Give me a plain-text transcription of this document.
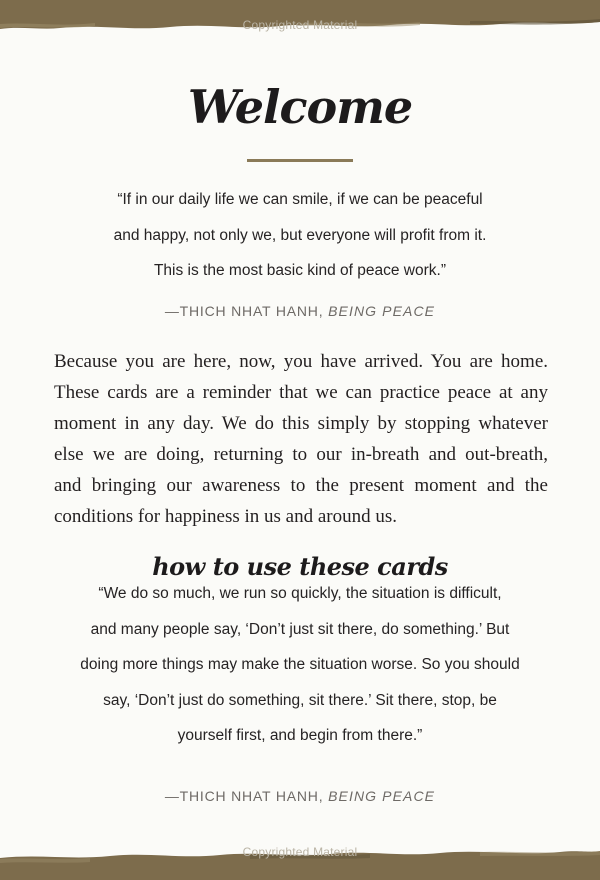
Copyrighted Material
Welcome
“If in our daily life we can smile, if we can be peaceful
and happy, not only we, but everyone will profit from it.
This is the most basic kind of peace work.”
—THICH NHAT HANH, BEING PEACE
Because you are here, now, you have arrived. You are home.
These cards are a reminder that we can practice peace at any
moment in any day. We do this simply by stopping whatever
else we are doing, returning to our in-breath and out-breath,
and bringing our awareness to the present moment and the
conditions for happiness in us and around us.
how to use these cards
“We do so much, we run so quickly, the situation is difficult,
and many people say, ‘Don’t just sit there, do something.’ But
doing more things may make the situation worse. So you should
say, ‘Don’t just do something, sit there.’ Sit there, stop, be
yourself first, and begin from there.”
—THICH NHAT HANH, BEING PEACE
Copyrighted Material
